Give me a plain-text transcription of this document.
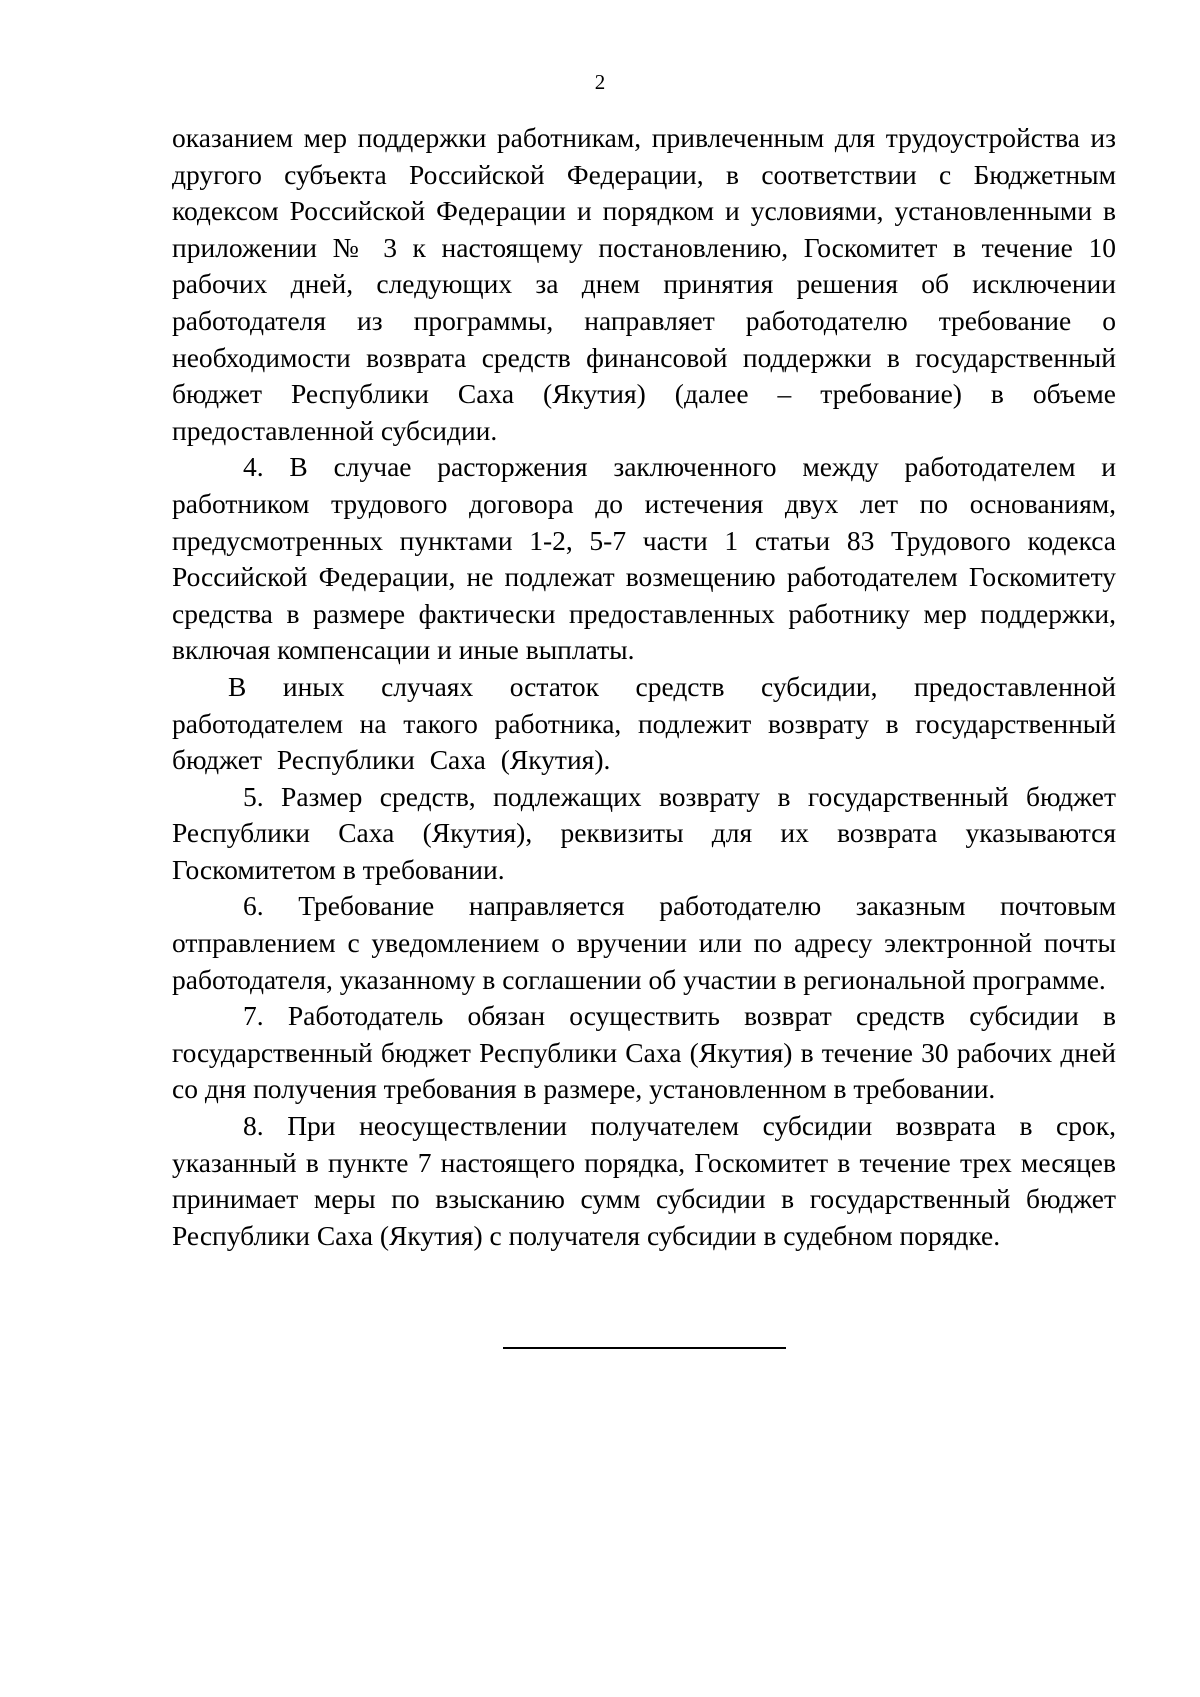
2

оказанием мер поддержки работникам, привлеченным для трудоустройства из другого субъекта Российской Федерации, в соответствии с Бюджетным кодексом Российской Федерации и порядком и условиями, установленными в приложении № 3 к настоящему постановлению, Госкомитет в течение 10 рабочих дней, следующих за днем принятия решения об исключении работодателя из программы, направляет работодателю требование о необходимости возврата средств финансовой поддержки в государственный бюджет Республики Саха (Якутия) (далее – требование) в объеме предоставленной субсидии.

4. В случае расторжения заключенного между работодателем и работником трудового договора до истечения двух лет по основаниям, предусмотренных пунктами 1-2, 5-7 части 1 статьи 83 Трудового кодекса Российской Федерации, не подлежат возмещению работодателем Госкомитету средства в размере фактически предоставленных работнику мер поддержки, включая компенсации и иные выплаты.

В иных случаях остаток средств субсидии, предоставленной работодателем на такого работника, подлежит возврату в государственный бюджет Республики Саха (Якутия).

5. Размер средств, подлежащих возврату в государственный бюджет Республики Саха (Якутия), реквизиты для их возврата указываются Госкомитетом в требовании.

6. Требование направляется работодателю заказным почтовым отправлением с уведомлением о вручении или по адресу электронной почты работодателя, указанному в соглашении об участии в региональной программе.

7. Работодатель обязан осуществить возврат средств субсидии в государственный бюджет Республики Саха (Якутия) в течение 30 рабочих дней со дня получения требования в размере, установленном в требовании.

8. При неосуществлении получателем субсидии возврата в срок, указанный в пункте 7 настоящего порядка, Госкомитет в течение трех месяцев принимает меры по взысканию сумм субсидии в государственный бюджет Республики Саха (Якутия) с получателя субсидии в судебном порядке.
